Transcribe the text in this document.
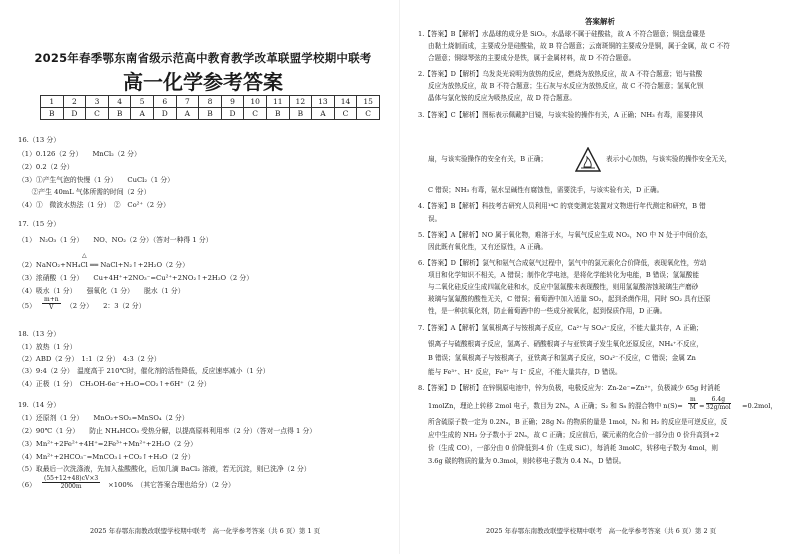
2025年春季鄂东南省级示范高中教育教学改革联盟学校期中联考
高一化学参考答案
1	2	3	4	5	6	7	8	9	10	11	12	13	14	15
B	D	C	B	A	D	A	B	D	C	B	B	A	C	C
16.（13 分）
（1）0.126（2 分）　　MnCl₂（2 分）
（2）0.2（2 分）
（3）①产生气泡的快慢（1 分）　　CuCl₂（1 分）
　　②产生 40mL 气体所需的时间（2 分）
（4）①　微波水热法（1 分）　②　Co²⁺（2 分）
17.（15 分）
（1）　N₂O₃（1 分）　　NO、NO₂（2 分）（答对一种得 1 分）
△
（2）NaNO₂+NH₄Cl ══ NaCl+N₂↑+2H₂O（2 分）
（3）浓硝酸（1 分）　　Cu+4H⁺+2NO₃⁻=Cu²⁺+2NO₂↑+2H₂O（2 分）
（4）吸水（1 分）　　强氧化（1 分）　　脱水（1 分）
$(5) \frac{m+n}{V} (2$ 分）　　2：3（2 分）
18.（13 分）
（1）放热（1 分）
（2）ABD（2 分）　1:1（2 分）　4:3（2 分）
（3）9:4（2 分）　温度高于 210℃时，催化剂的活性降低，反应速率减小（1 分）
（4）正极（1 分）　CH₃OH-6e⁻+H₂O=CO₂↑+6H⁺（2 分）
19.（14 分）
（1）还原剂（1 分）　　MnO₂+SO₂=MnSO₄（2 分）
（2）90℃（1 分）　　防止 NH₄HCO₃ 受热分解，以提高原料利用率（2 分）（答对一点得 1 分）
（3）Mn²⁺+2Fe²⁺+4H⁺=2Fe³⁺+Mn²⁺+2H₂O（2 分）
（4）Mn²⁺+2HCO₃⁻=MnCO₃↓+CO₂↑+H₂O（2 分）
（5）取最后一次洗涤液，先加入盐酸酸化，后加几滴 BaCl₂ 溶液，若无沉淀，则已洗净（2 分）
$(6) \frac{(55+12+48)cV\times 3}{2000m} \times 100\%$　（其它答案合理也给分）（2 分）
2025 年春鄂东南教改联盟学校期中联考　高一化学参考答案（共 6 页）第 1 页
答案解析
1.【答案】B【解析】水晶球的成分是 SiO₂，水晶球不属于硅酸盐，故 A 不符合题意；铜盘盘碟是
由黏土烧制而成，主要成分是硅酸盐，故 B 符合题意；云南斑铜的主要成分是铜，属于金属，故 C 不符
合题意；铜绿琴弦的主要成分是铁，属于金属材料，故 D 不符合题意。
2.【答案】D【解析】乌发炎光说明为放热的反应，燃烧为放热反应，故 A 不符合题意；铝与盐酸
反应为放热反应，故 B 不符合题意；生石灰与水反应为放热反应，故 C 不符合题意；氢氧化钡
晶体与氯化铵的反应为吸热反应，故 D 符合题意。
3.【答案】C【解析】图标表示佩戴护目镜，与该实验的操作有关，A 正确；NH₃ 有毒，需要排风
扇，与该实验操作的安全有关，B 正确；	表示小心加热，与该实验的操作安全无关，
C 错误；NH₃ 有毒，氨水呈碱性有腐蚀性，需要洗手，与该实验有关，D 正确。
4.【答案】B【解析】科技考古研究人员利用¹⁴C 的衰变测定装置对文物进行年代测定和研究，B 错
误。
5.【答案】A【解析】NO 属于氧化物，难溶于水，与氧气反应生成 NO₂，NO 中 N 处于中间价态，
因此既有氧化性，又有还原性，A 正确。
6.【答案】D【解析】氯气和氨气合成氨气过程中，氯气中的氯元素化合价降低，表现氧化性，劳动
项目和化学知识不相关，A 错误；制作化学电池，是将化学能转化为电能，B 错误；氢氟酸能
与二氧化硅反应生成四氟化硅和水，反应中氢氟酸未表现酸性，则用氢氟酸溶蚀玻璃生产磨砂
玻璃与氢氟酸的酸性无关，C 错误；葡萄酒中加入适量 SO₂，起到杀菌作用，同时 SO₂ 具有还原
性，是一种抗氧化剂，防止葡萄酒中的一些成分被氧化，起到保质作用，D 正确。
7.【答案】A【解析】氢氧根离子与铵根离子反应，Ca²⁺与 SO₄²⁻反应，不能大量共存，A 正确；
银离子与硫酸根离子反应，氢离子、硝酸根离子与亚铁离子发生氧化还原反应，NH₄⁺不反应，
B 错误；氢氧根离子与铵根离子，亚铁离子和氢离子反应，SO₄²⁻不反应，C 错误；金属 Zn
能与 Fe³⁺、H⁺ 反应，Fe³⁺ 与 I⁻ 反应，不能大量共存，D 错误。
8.【答案】D【解析】在锌铜原电池中，锌为负极，电极反应为：Zn-2e⁻=Zn²⁺，负极减少 65g 时消耗
1molZn，理论上转移 2mol 电子，数目为 2Nₐ，A 正确；S₂ 和 S₈ 的混合物中 $n(S)= \frac{m}{M}$ =
6.4g
32g/mol =0.2mol，
所含硫原子数一定为 0.2Nₐ，B 正确；28g N₂ 的物质的量是 1mol，N₂ 和 H₂ 的反应是可逆反应，反
应中生成的 NH₃ 分子数小于 2Nₐ，故 C 正确；反应前后，碳元素的化合价一部分由 0 价升高到+2
价（生成 CO），一部分由 0 价降低到-4 价（生成 SiC），每消耗 3molC，转移电子数为 4mol，则
3.6g 碳的物质的量为 0.3mol，则转移电子数为 0.4 Nₐ，D 错误。
2025 年春鄂东南教改联盟学校期中联考　高一化学参考答案（共 6 页）第 2 页
